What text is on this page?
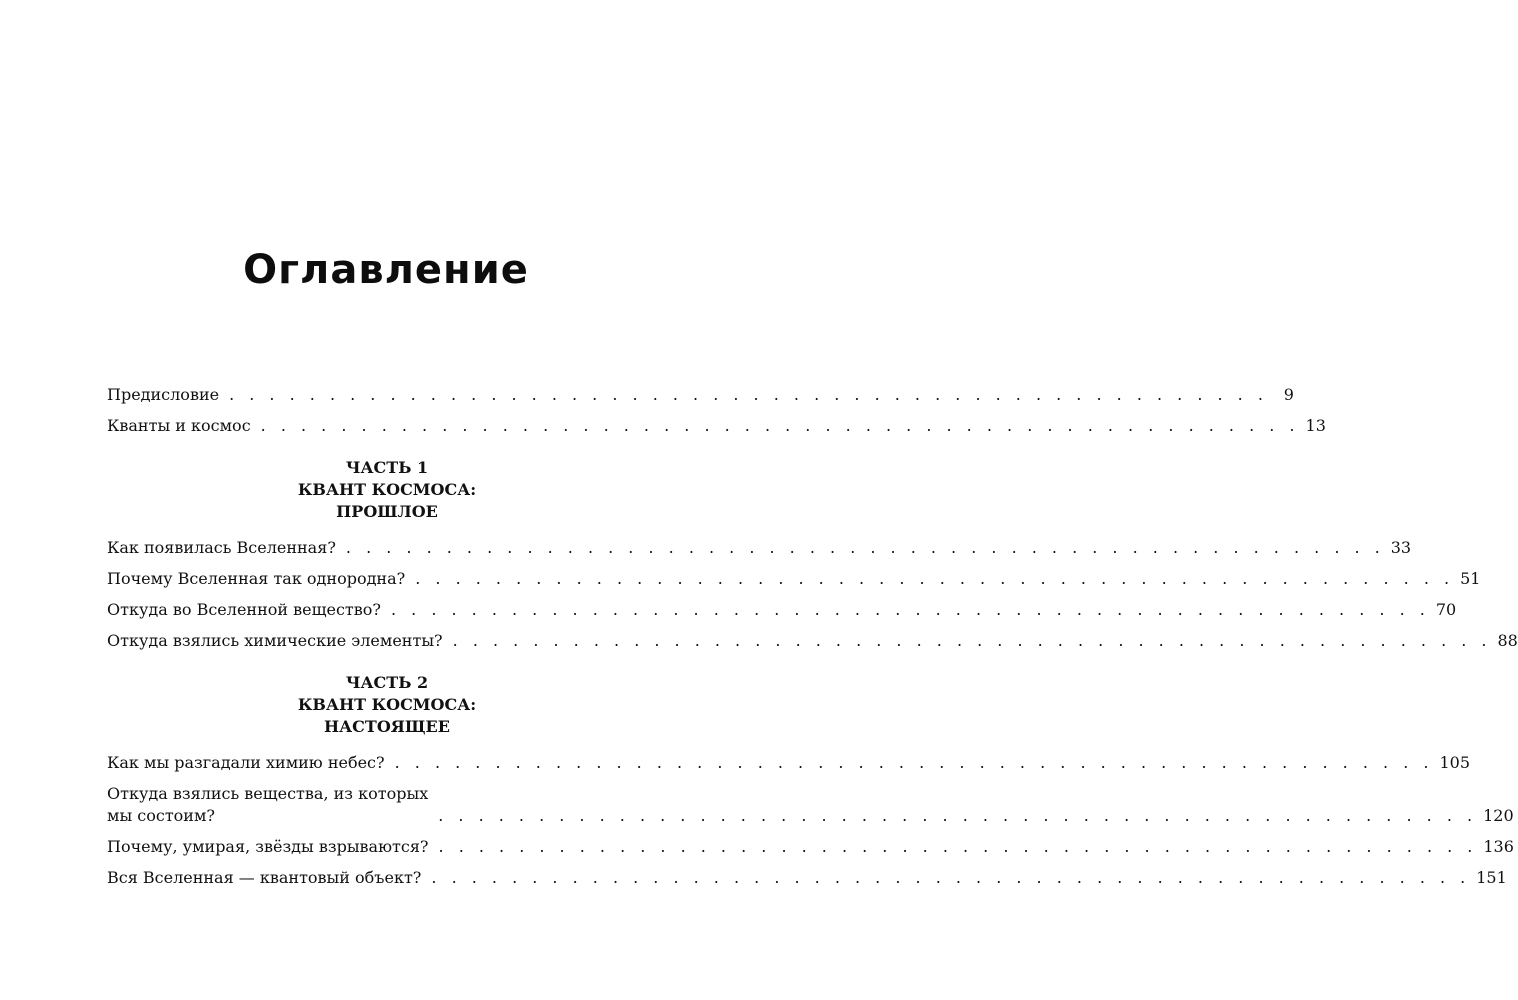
Оглавление
Предисловие . . . . . . . . . . . . . . . . . . . . . . . . . . . . . . . . . . . . . . . . . . . . . . . . . . . . 9
Кванты и космос . . . . . . . . . . . . . . . . . . . . . . . . . . . . . . . . . . . . . . . . . . . . . . . . . . . . 13
ЧАСТЬ 1
КВАНТ КОСМОСА:
ПРОШЛОЕ
Как появилась Вселенная? . . . . . . . . . . . . . . . . . . . . . . . . . . . . . . . . . . . . . . . . . . . . . . . . . . . . 33
Почему Вселенная так однородна? . . . . . . . . . . . . . . . . . . . . . . . . . . . . . . . . . . . . . . . . . . . . . . . . . . . . 51
Откуда во Вселенной вещество? . . . . . . . . . . . . . . . . . . . . . . . . . . . . . . . . . . . . . . . . . . . . . . . . . . . . 70
Откуда взялись химические элементы? . . . . . . . . . . . . . . . . . . . . . . . . . . . . . . . . . . . . . . . . . . . . . . . . . . . . 88
ЧАСТЬ 2
КВАНТ КОСМОСА:
НАСТОЯЩЕЕ
Как мы разгадали химию небес? . . . . . . . . . . . . . . . . . . . . . . . . . . . . . . . . . . . . . . . . . . . . . . . . . . . . 105
Откуда взялись вещества, из которых
мы состоим?	. . . . . . . . . . . . . . . . . . . . . . . . . . . . . . . . . . . . . . . . . . . . . . . . . . . . 120
Почему, умирая, звёзды взрываются? . . . . . . . . . . . . . . . . . . . . . . . . . . . . . . . . . . . . . . . . . . . . . . . . . . . . 136
Вся Вселенная — квантовый объект? . . . . . . . . . . . . . . . . . . . . . . . . . . . . . . . . . . . . . . . . . . . . . . . . . . . . 151
